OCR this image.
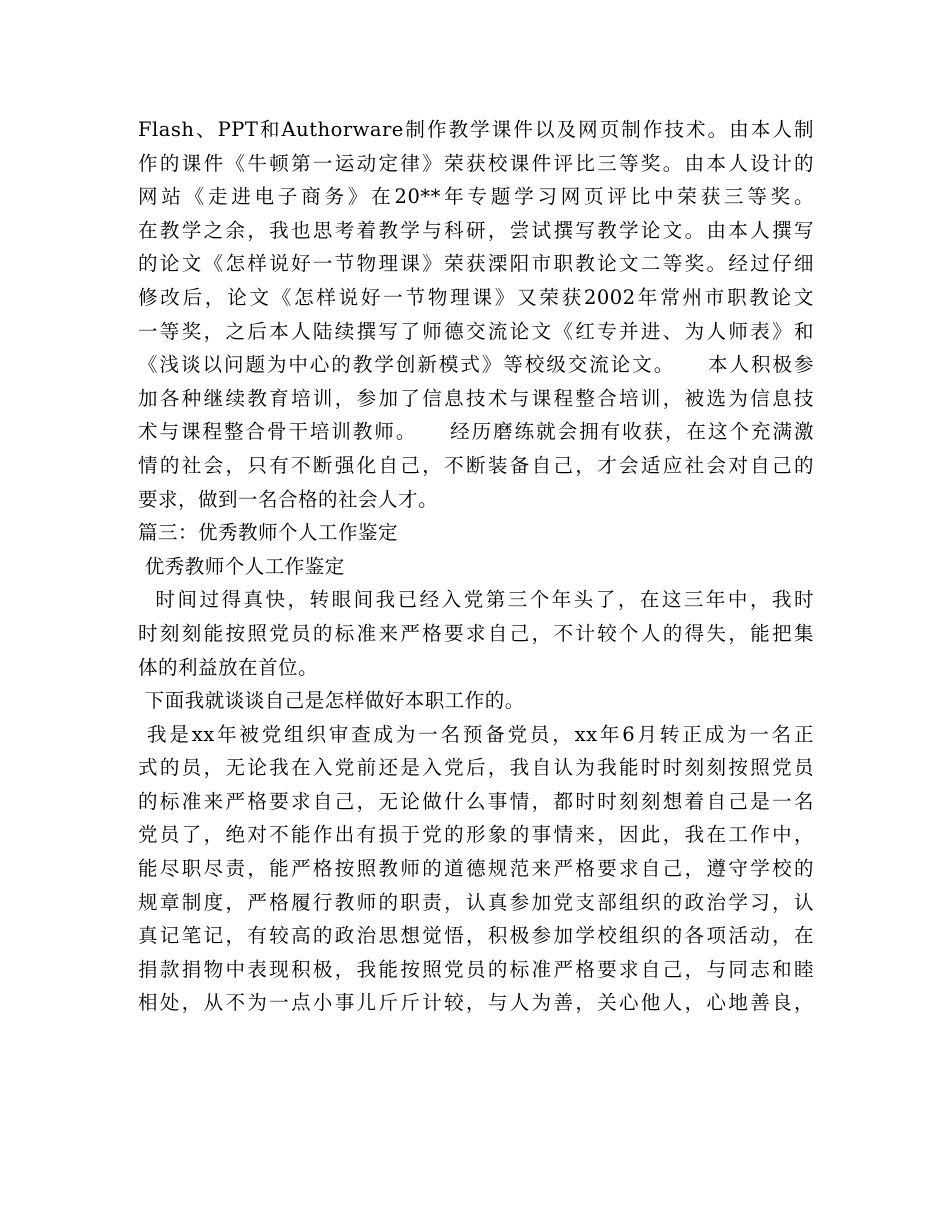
Flash、PPT和Authorware制作教学课件以及网页制作技术。由本人制
作的课件《牛顿第一运动定律》荣获校课件评比三等奖。由本人设计的
网站《走进电子商务》在20**年专题学习网页评比中荣获三等奖。
在教学之余，我也思考着教学与科研，尝试撰写教学论文。由本人撰写
的论文《怎样说好一节物理课》荣获溧阳市职教论文二等奖。经过仔细
修改后，论文《怎样说好一节物理课》又荣获2002年常州市职教论文
一等奖，之后本人陆续撰写了师德交流论文《红专并进、为人师表》和
《浅谈以问题为中心的教学创新模式》等校级交流论文。    本人积极参
加各种继续教育培训，参加了信息技术与课程整合培训，被选为信息技
术与课程整合骨干培训教师。    经历磨练就会拥有收获，在这个充满激
情的社会，只有不断强化自己，不断装备自己，才会适应社会对自己的
要求，做到一名合格的社会人才。
篇三：优秀教师个人工作鉴定
优秀教师个人工作鉴定
时间过得真快，转眼间我已经入党第三个年头了，在这三年中，我时
时刻刻能按照党员的标准来严格要求自己，不计较个人的得失，能把集
体的利益放在首位。
下面我就谈谈自己是怎样做好本职工作的。
我是xx年被党组织审查成为一名预备党员，xx年6月转正成为一名正
式的员，无论我在入党前还是入党后，我自认为我能时时刻刻按照党员
的标准来严格要求自己，无论做什么事情，都时时刻刻想着自己是一名
党员了，绝对不能作出有损于党的形象的事情来，因此，我在工作中，
能尽职尽责，能严格按照教师的道德规范来严格要求自己，遵守学校的
规章制度，严格履行教师的职责，认真参加党支部组织的政治学习，认
真记笔记，有较高的政治思想觉悟，积极参加学校组织的各项活动，在
捐款捐物中表现积极，我能按照党员的标准严格要求自己，与同志和睦
相处，从不为一点小事儿斤斤计较，与人为善，关心他人，心地善良，
